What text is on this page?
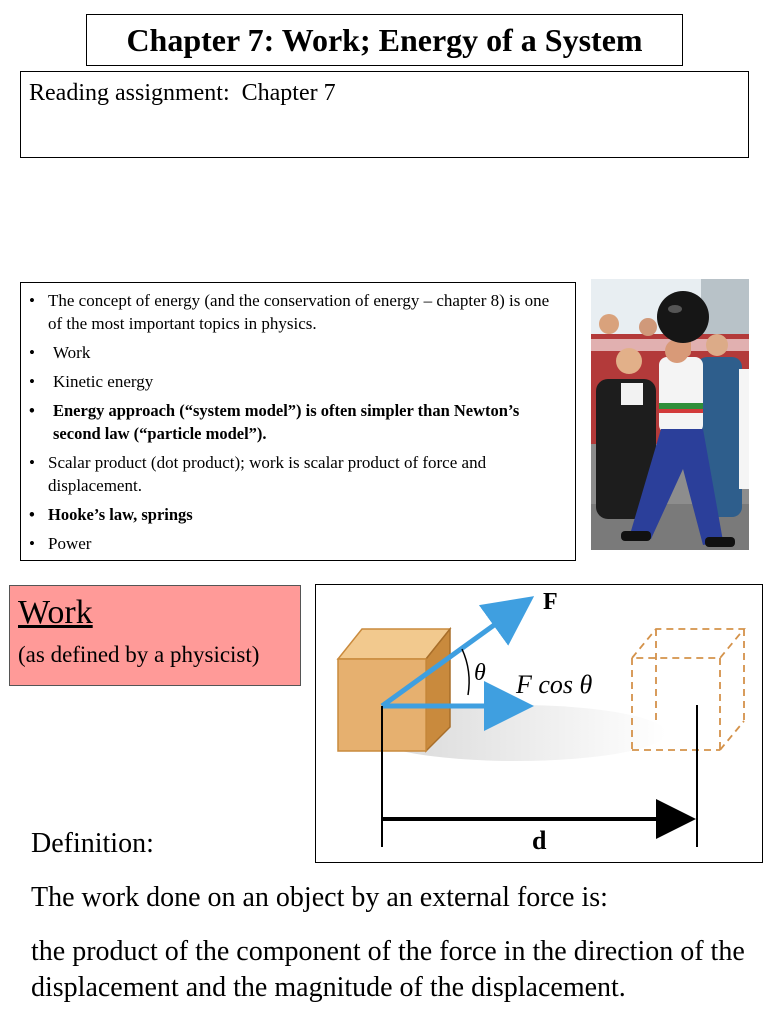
Chapter 7: Work; Energy of a System
Reading assignment: Chapter 7
• The concept of energy (and the conservation of energy – chapter 8) is one of the most important topics in physics.
• Work
• Kinetic energy
• Energy approach (“system model”) is often simpler than Newton’s second law (“particle model”).
• Scalar product (dot product); work is scalar product of force and displacement.
• Hooke’s law, springs
• Power
Work
(as defined by a physicist)
F
θ F cos θ
d
Definition:
The work done on an object by an external force is:
the product of the component of the force in the direction of the displacement and the magnitude of the displacement.
